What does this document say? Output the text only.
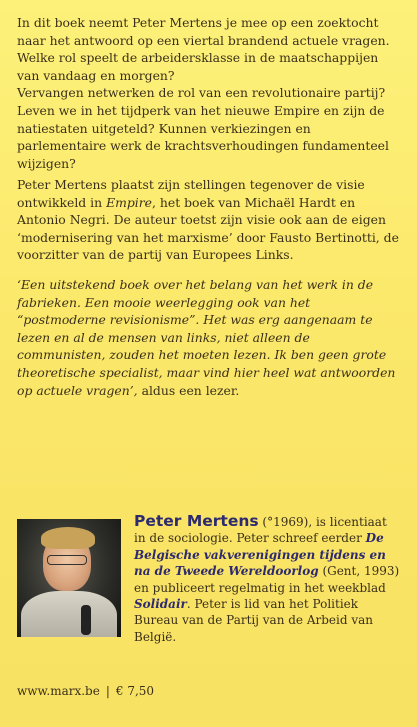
In dit boek neemt Peter Mertens je mee op een zoektocht naar het antwoord op een viertal brandend actuele vragen.

Welke rol speelt de arbeidersklasse in de maatschappijen van vandaag en morgen?

Vervangen netwerken de rol van een revolutionaire partij?

Leven we in het tijdperk van het nieuwe Empire en zijn de natiestaten uitgeteld? Kunnen verkiezingen en parlementaire werk de krachtsverhoudingen fundamenteel wijzigen?

Peter Mertens plaatst zijn stellingen tegenover de visie ontwikkeld in Empire, het boek van Michaël Hardt en Antonio Negri. De auteur toetst zijn visie ook aan de eigen ‘modernisering van het marxisme’ door Fausto Bertinotti, de voorzitter van de partij van Europees Links.

‘Een uitstekend boek over het belang van het werk in de fabrieken. Een mooie weerlegging ook van het “postmoderne revisionisme”. Het was erg aangenaam te lezen en al de mensen van links, niet alleen de communisten, zouden het moeten lezen. Ik ben geen grote theoretische specialist, maar vind hier heel wat antwoorden op actuele vragen’, aldus een lezer.

Peter Mertens (°1969), is licentiaat in de sociologie. Peter schreef eerder De Belgische vakverenigingen tijdens en na de Tweede Wereldoorlog (Gent, 1993) en publiceert regelmatig in het weekblad Solidair. Peter is lid van het Politiek Bureau van de Partij van de Arbeid van België.
www.marx.be | € 7,50
